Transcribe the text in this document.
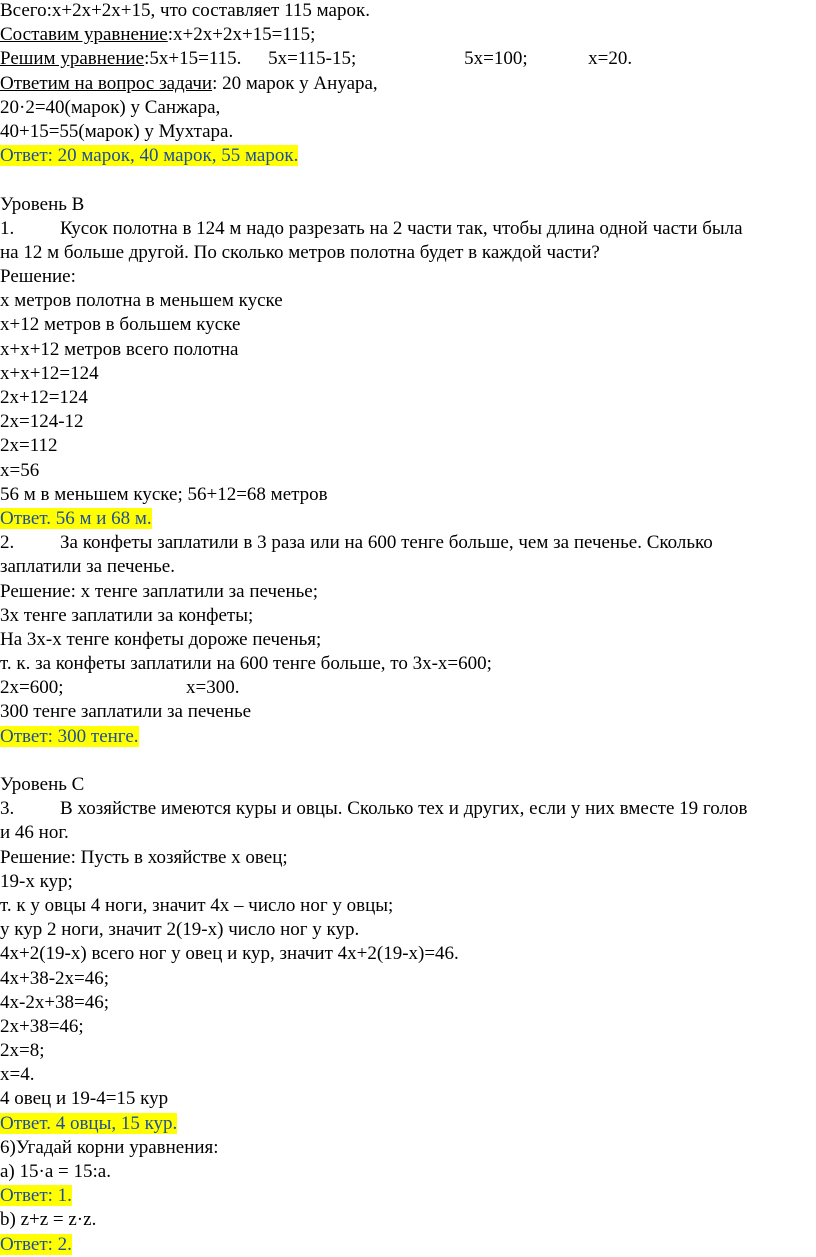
Всего:x+2x+2x+15, что составляет 115 марок.
Составим уравнение:x+2x+2x+15=115;
Решим уравнение:5x+15=115. 5x=115-15;	5x=100;	x=20.
Ответим на вопрос задачи: 20 марок у Ануара,
20·2=40(марок) у Санжара,
40+15=55(марок) у Мухтара.
Ответ: 20 марок, 40 марок, 55 марок.
Уровень В
1. Кусок полотна в 124 м надо разрезать на 2 части так, чтобы длина одной части была
на 12 м больше другой. По сколько метров полотна будет в каждой части?
Решение:
х метров полотна в меньшем куске
х+12 метров в большем куске
х+х+12 метров всего полотна
х+х+12=124
2х+12=124
2х=124-12
2х=112
х=56
56 м в меньшем куске; 56+12=68 метров
Ответ. 56 м и 68 м.
2. За конфеты заплатили в 3 раза или на 600 тенге больше, чем за печенье. Сколько
заплатили за печенье.
Решение: х тенге заплатили за печенье;
3х тенге заплатили за конфеты;
На 3х-х тенге конфеты дороже печенья;
т. к. за конфеты заплатили на 600 тенге больше, то 3х-х=600;
2х=600;	х=300.
300 тенге заплатили за печенье
Ответ: 300 тенге.
Уровень С
3. В хозяйстве имеются куры и овцы. Сколько тех и других, если у них вместе 19 голов
и 46 ног.
Решение: Пусть в хозяйстве х овец;
19-х кур;
т. к у овцы 4 ноги, значит 4х – число ног у овцы;
у кур 2 ноги, значит 2(19-х) число ног у кур.
4х+2(19-х) всего ног у овец и кур, значит 4х+2(19-х)=46.
4х+38-2х=46;
4х-2х+38=46;
2х+38=46;
2х=8;
х=4.
4 овец и 19-4=15 кур
Ответ. 4 овцы, 15 кур.
6)Угадай корни уравнения:
а) 15·а = 15:а.
Ответ: 1.
b) z+z = z·z.
Ответ: 2.
